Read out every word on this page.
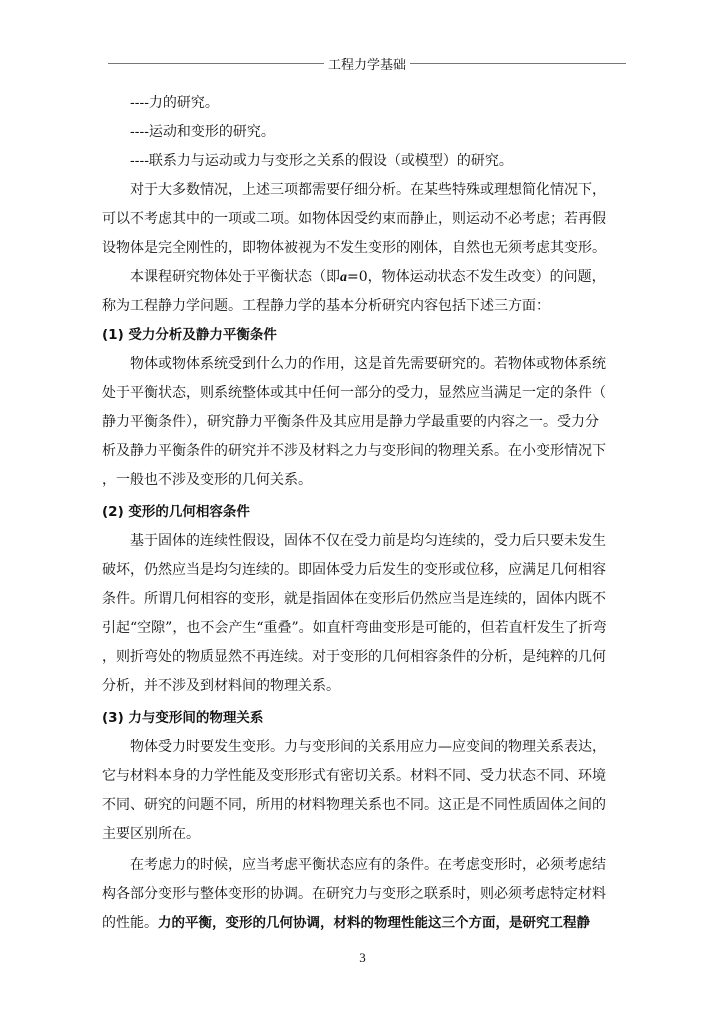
工程力学基础
----力的研究。
----运动和变形的研究。
----联系力与运动或力与变形之关系的假设（或模型）的研究。
对于大多数情况，上述三项都需要仔细分析。在某些特殊或理想简化情况下，
可以不考虑其中的一项或二项。如物体因受约束而静止，则运动不必考虑；若再假
设物体是完全刚性的，即物体被视为不发生变形的刚体，自然也无须考虑其变形。
本课程研究物体处于平衡状态（即a=0，物体运动状态不发生改变）的问题，
称为工程静力学问题。工程静力学的基本分析研究内容包括下述三方面：
(1) 受力分析及静力平衡条件
物体或物体系统受到什么力的作用，这是首先需要研究的。若物体或物体系统
处于平衡状态，则系统整体或其中任何一部分的受力，显然应当满足一定的条件（
静力平衡条件），研究静力平衡条件及其应用是静力学最重要的内容之一。受力分
析及静力平衡条件的研究并不涉及材料之力与变形间的物理关系。在小变形情况下
，一般也不涉及变形的几何关系。
(2) 变形的几何相容条件
基于固体的连续性假设，固体不仅在受力前是均匀连续的，受力后只要未发生
破坏，仍然应当是均匀连续的。即固体受力后发生的变形或位移，应满足几何相容
条件。所谓几何相容的变形，就是指固体在变形后仍然应当是连续的，固体内既不
引起“空隙”，也不会产生“重叠”。如直杆弯曲变形是可能的，但若直杆发生了折弯
，则折弯处的物质显然不再连续。对于变形的几何相容条件的分析，是纯粹的几何
分析，并不涉及到材料间的物理关系。
(3) 力与变形间的物理关系
物体受力时要发生变形。力与变形间的关系用应力—应变间的物理关系表达，
它与材料本身的力学性能及变形形式有密切关系。材料不同、受力状态不同、环境
不同、研究的问题不同，所用的材料物理关系也不同。这正是不同性质固体之间的
主要区别所在。
在考虑力的时候，应当考虑平衡状态应有的条件。在考虑变形时，必须考虑结
构各部分变形与整体变形的协调。在研究力与变形之联系时，则必须考虑特定材料
的性能。力的平衡，变形的几何协调，材料的物理性能这三个方面，是研究工程静
3
